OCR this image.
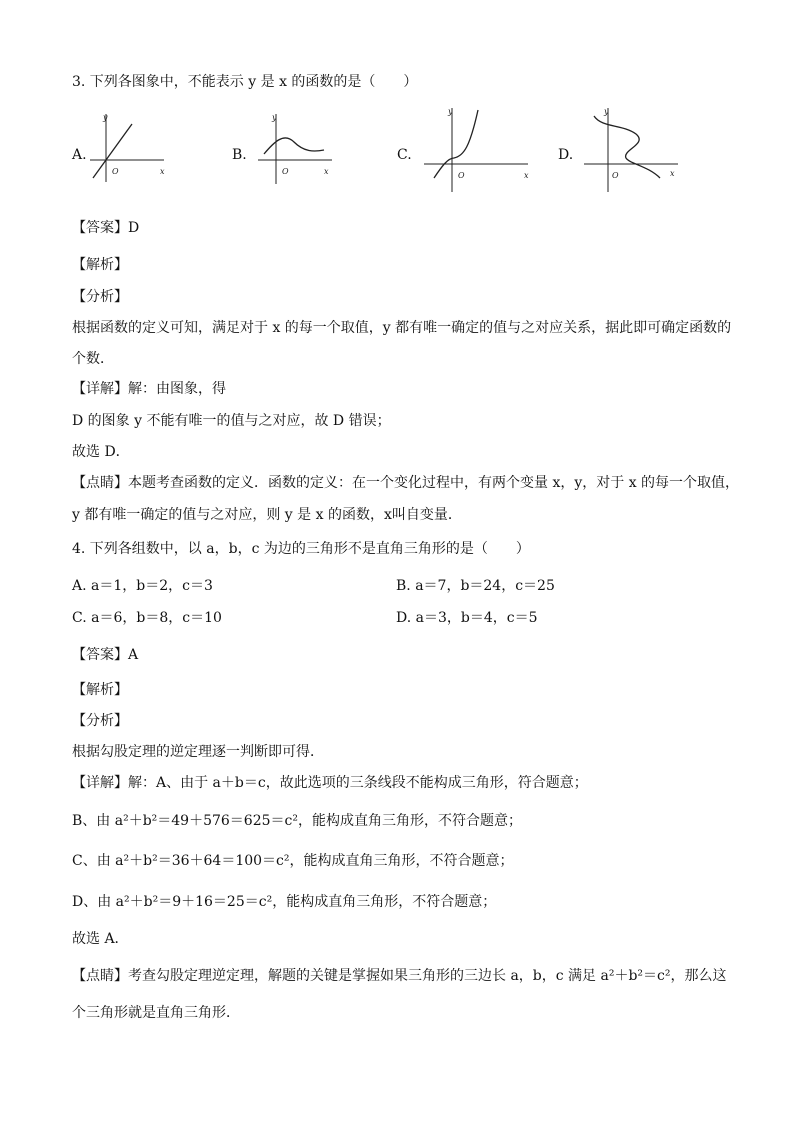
3. 下列各图象中，不能表示 y 是 x 的函数的是（　　）
A.
y
x
O
B.
y
x
O
C.
y
x
O
D.
y
x
O
【答案】D
【解析】
【分析】
根据函数的定义可知，满足对于 x 的每一个取值，y 都有唯一确定的值与之对应关系，据此即可确定函数的
个数．
【详解】解：由图象，得
D 的图象 y 不能有唯一的值与之对应，故 D 错误；
故选 D．
【点睛】本题考查函数的定义．函数的定义：在一个变化过程中，有两个变量 x，y，对于 x 的每一个取值，
y 都有唯一确定的值与之对应，则 y 是 x 的函数，x叫自变量．
4. 下列各组数中，以 a，b，c 为边的三角形不是直角三角形的是（　　）
A. a＝1，b＝2，c＝3	B. a＝7，b＝24，c＝25
C. a＝6，b＝8，c＝10	D. a＝3，b＝4，c＝5
【答案】A
【解析】
【分析】
根据勾股定理的逆定理逐一判断即可得．
【详解】解：A、由于 a＋b＝c，故此选项的三条线段不能构成三角形，符合题意；
B、由 a²＋b²＝49＋576＝625＝c²，能构成直角三角形，不符合题意；
C、由 a²＋b²＝36＋64＝100＝c²，能构成直角三角形，不符合题意；
D、由 a²＋b²＝9＋16＝25＝c²，能构成直角三角形，不符合题意；
故选 A．
【点睛】考查勾股定理逆定理，解题的关键是掌握如果三角形的三边长 a，b，c 满足 a²＋b²＝c²，那么这
个三角形就是直角三角形．
